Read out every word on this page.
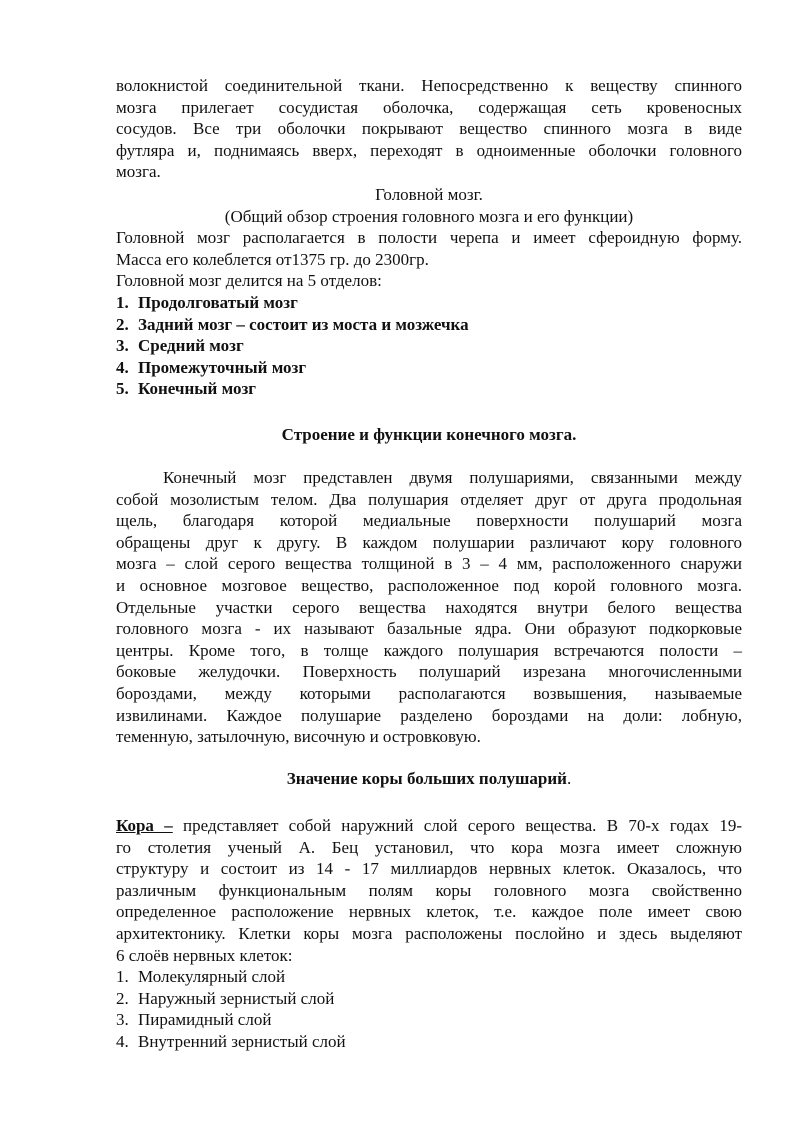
волокнистой соединительной ткани. Непосредственно к веществу спинного
мозга прилегает сосудистая оболочка, содержащая сеть кровеносных
сосудов. Все три оболочки покрывают вещество спинного мозга в виде
футляра и, поднимаясь вверх, переходят в одноименные оболочки головного
мозга.
Головной мозг.
(Общий обзор строения головного мозга и его функции)
Головной мозг располагается в полости черепа и имеет сфероидную форму.
Масса его колеблется от1375 гр. до 2300гр.
Головной мозг делится на 5 отделов:
1. Продолговатый мозг
2. Задний мозг – состоит из моста и мозжечка
3. Средний мозг
4. Промежуточный мозг
5. Конечный мозг
Строение и функции конечного мозга.
Конечный мозг представлен двумя полушариями, связанными между
собой мозолистым телом. Два полушария отделяет друг от друга продольная
щель, благодаря которой медиальные поверхности полушарий мозга
обращены друг к другу. В каждом полушарии различают кору головного
мозга – слой серого вещества толщиной в 3 – 4 мм, расположенного снаружи
и основное мозговое вещество, расположенное под корой головного мозга.
Отдельные участки серого вещества находятся внутри белого вещества
головного мозга - их называют базальные ядра. Они образуют подкорковые
центры. Кроме того, в толще каждого полушария встречаются полости –
боковые желудочки. Поверхность полушарий изрезана многочисленными
бороздами, между которыми располагаются возвышения, называемые
извилинами. Каждое полушарие разделено бороздами на доли: лобную,
теменную, затылочную, височную и островковую.
Значение коры больших полушарий.
Кора – представляет собой наружний слой серого вещества. В 70-х годах 19-
го столетия ученый А. Бец установил, что кора мозга имеет сложную
структуру и состоит из 14 - 17 миллиардов нервных клеток. Оказалось, что
различным функциональным полям коры головного мозга свойственно
определенное расположение нервных клеток, т.е. каждое поле имеет свою
архитектонику. Клетки коры мозга расположены послойно и здесь выделяют
6 слоёв нервных клеток:
1. Молекулярный слой
2. Наружный зернистый слой
3. Пирамидный слой
4. Внутренний зернистый слой
